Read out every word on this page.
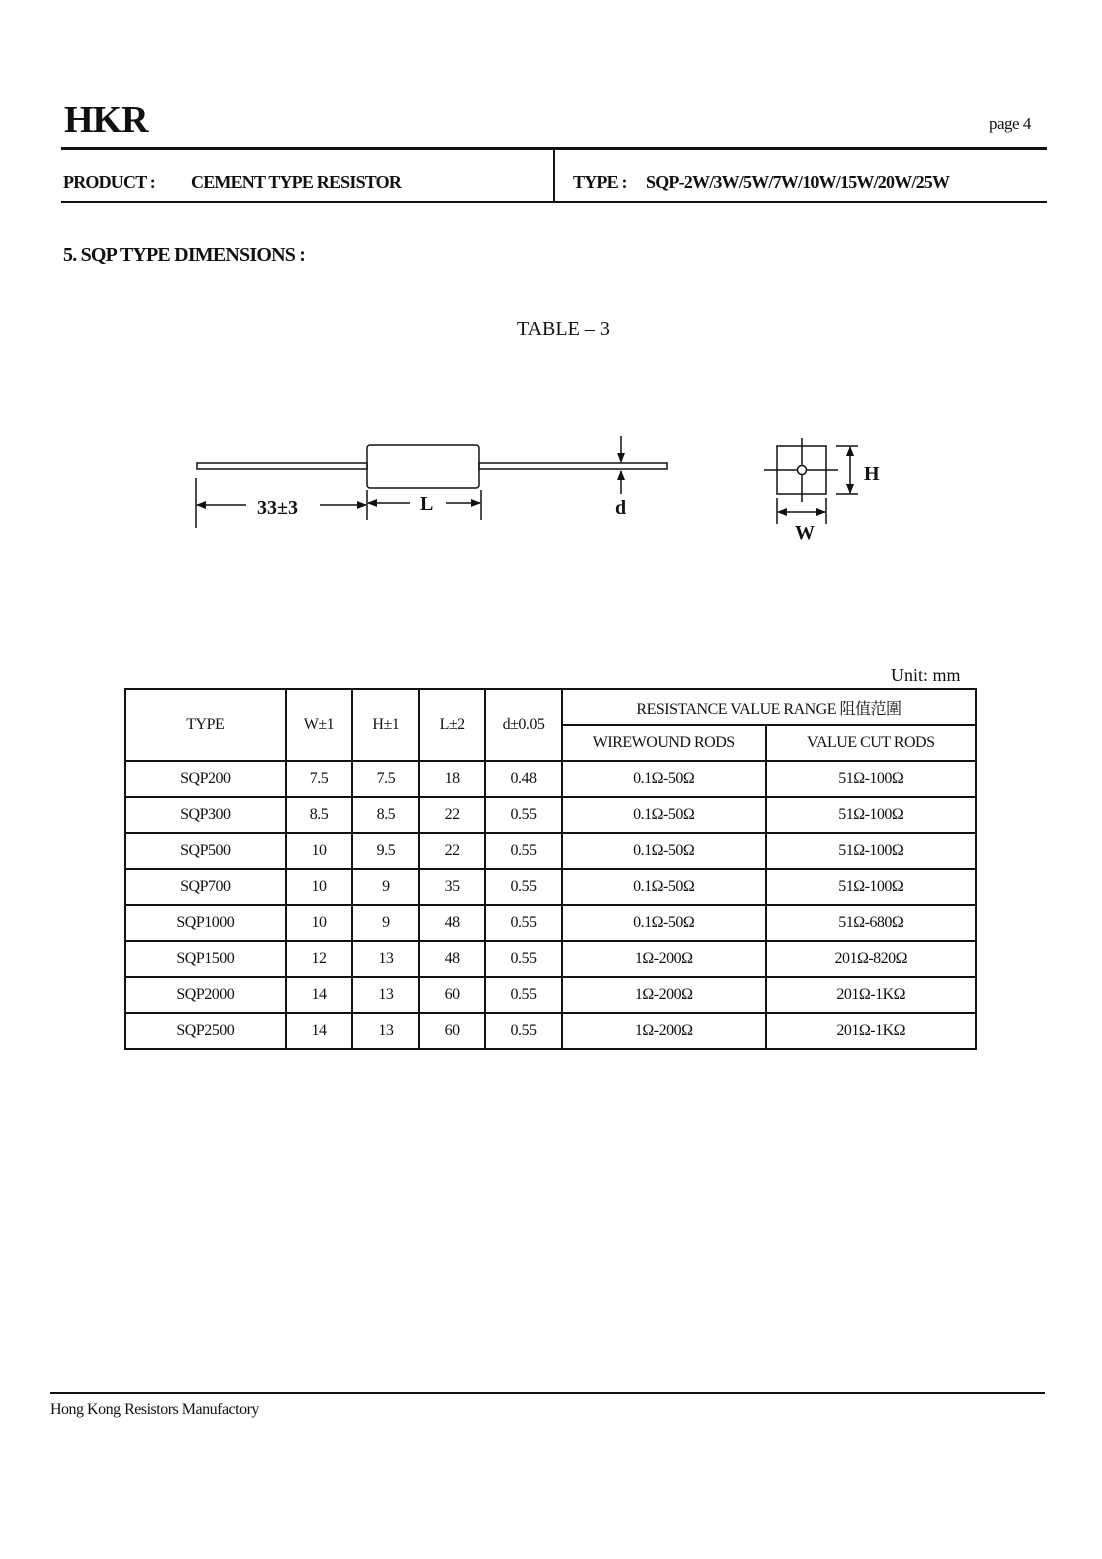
HKR	page 4
PRODUCT : CEMENT TYPE RESISTOR	TYPE : SQP-2W/3W/5W/7W/10W/15W/20W/25W
5. SQP TYPE DIMENSIONS :
TABLE – 3
33±3	L	d
H
W
Unit: mm
TYPE	W±1	H±1	L±2	d±0.05	RESISTANCE VALUE RANGE 阻值范圍	
					WIREWOUND RODS	VALUE CUT RODS
SQP200	7.5	7.5	18	0.48	0.1Ω-50Ω	51Ω-100Ω
SQP300	8.5	8.5	22	0.55	0.1Ω-50Ω	51Ω-100Ω
SQP500	10	9.5	22	0.55	0.1Ω-50Ω	51Ω-100Ω
SQP700	10	9	35	0.55	0.1Ω-50Ω	51Ω-100Ω
SQP1000	10	9	48	0.55	0.1Ω-50Ω	51Ω-680Ω
SQP1500	12	13	48	0.55	1Ω-200Ω	201Ω-820Ω
SQP2000	14	13	60	0.55	1Ω-200Ω	201Ω-1KΩ
SQP2500	14	13	60	0.55	1Ω-200Ω	201Ω-1KΩ
Hong Kong Resistors Manufactory
